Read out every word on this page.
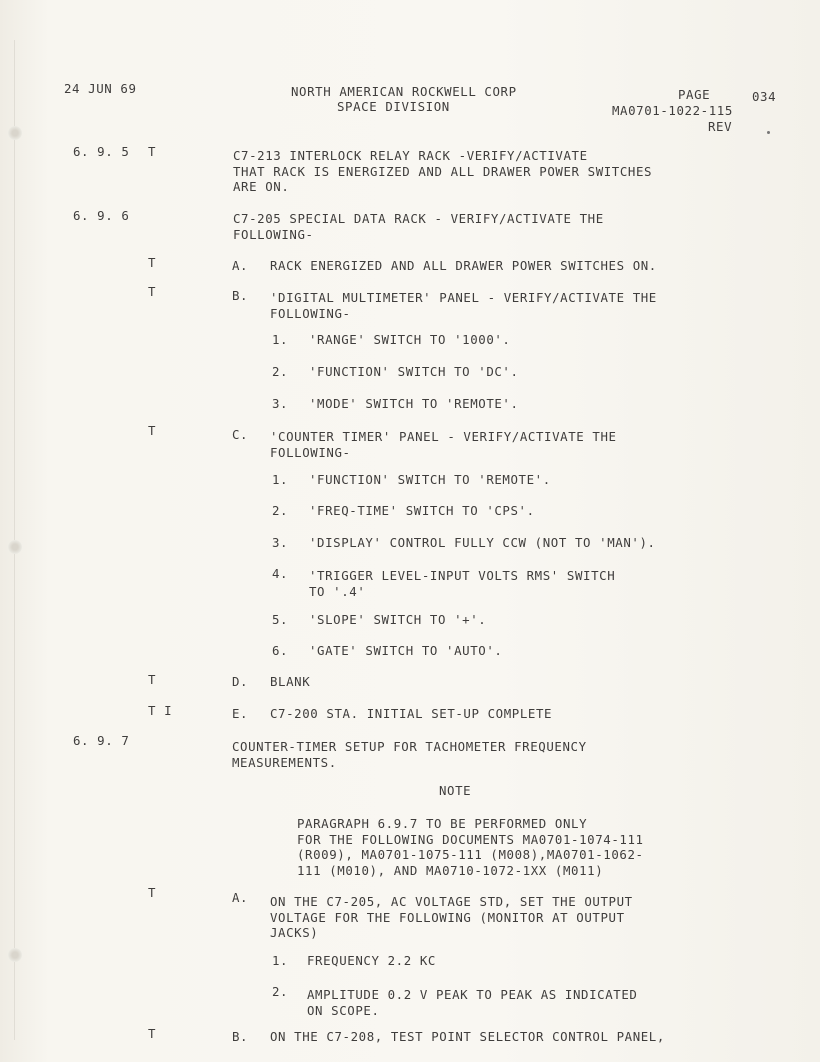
24 JUN 69	NORTH AMERICAN ROCKWELL CORP
SPACE DIVISION
PAGE	034
MA0701-1022-115
REV
6. 9. 5 T	C7-213 INTERLOCK RELAY RACK -VERIFY/ACTIVATE
THAT RACK IS ENERGIZED AND ALL DRAWER POWER SWITCHES
ARE ON.
6. 9. 6	C7-205 SPECIAL DATA RACK - VERIFY/ACTIVATE THE
FOLLOWING-
T	A. RACK ENERGIZED AND ALL DRAWER POWER SWITCHES ON.
T	B. 'DIGITAL MULTIMETER' PANEL - VERIFY/ACTIVATE THE
FOLLOWING-
1. 'RANGE' SWITCH TO '1000'.
2. 'FUNCTION' SWITCH TO 'DC'.
3. 'MODE' SWITCH TO 'REMOTE'.
T	C. 'COUNTER TIMER' PANEL - VERIFY/ACTIVATE THE
FOLLOWING-
1. 'FUNCTION' SWITCH TO 'REMOTE'.
2. 'FREQ-TIME' SWITCH TO 'CPS'.
3. 'DISPLAY' CONTROL FULLY CCW (NOT TO 'MAN').
4. 'TRIGGER LEVEL-INPUT VOLTS RMS' SWITCH
TO '.4'
5. 'SLOPE' SWITCH TO '+'.
6. 'GATE' SWITCH TO 'AUTO'.
T	D. BLANK
T I	E. C7-200 STA. INITIAL SET-UP COMPLETE
6. 9. 7	COUNTER-TIMER SETUP FOR TACHOMETER FREQUENCY
MEASUREMENTS.
NOTE
PARAGRAPH 6.9.7 TO BE PERFORMED ONLY
FOR THE FOLLOWING DOCUMENTS MA0701-1074-111
(R009), MA0701-1075-111 (M008),MA0701-1062-
111 (M010), AND MA0710-1072-1XX (M011)
T	A. ON THE C7-205, AC VOLTAGE STD, SET THE OUTPUT
VOLTAGE FOR THE FOLLOWING (MONITOR AT OUTPUT
JACKS)
1. FREQUENCY 2.2 KC
2. AMPLITUDE 0.2 V PEAK TO PEAK AS INDICATED
ON SCOPE.
T	B. ON THE C7-208, TEST POINT SELECTOR CONTROL PANEL,
